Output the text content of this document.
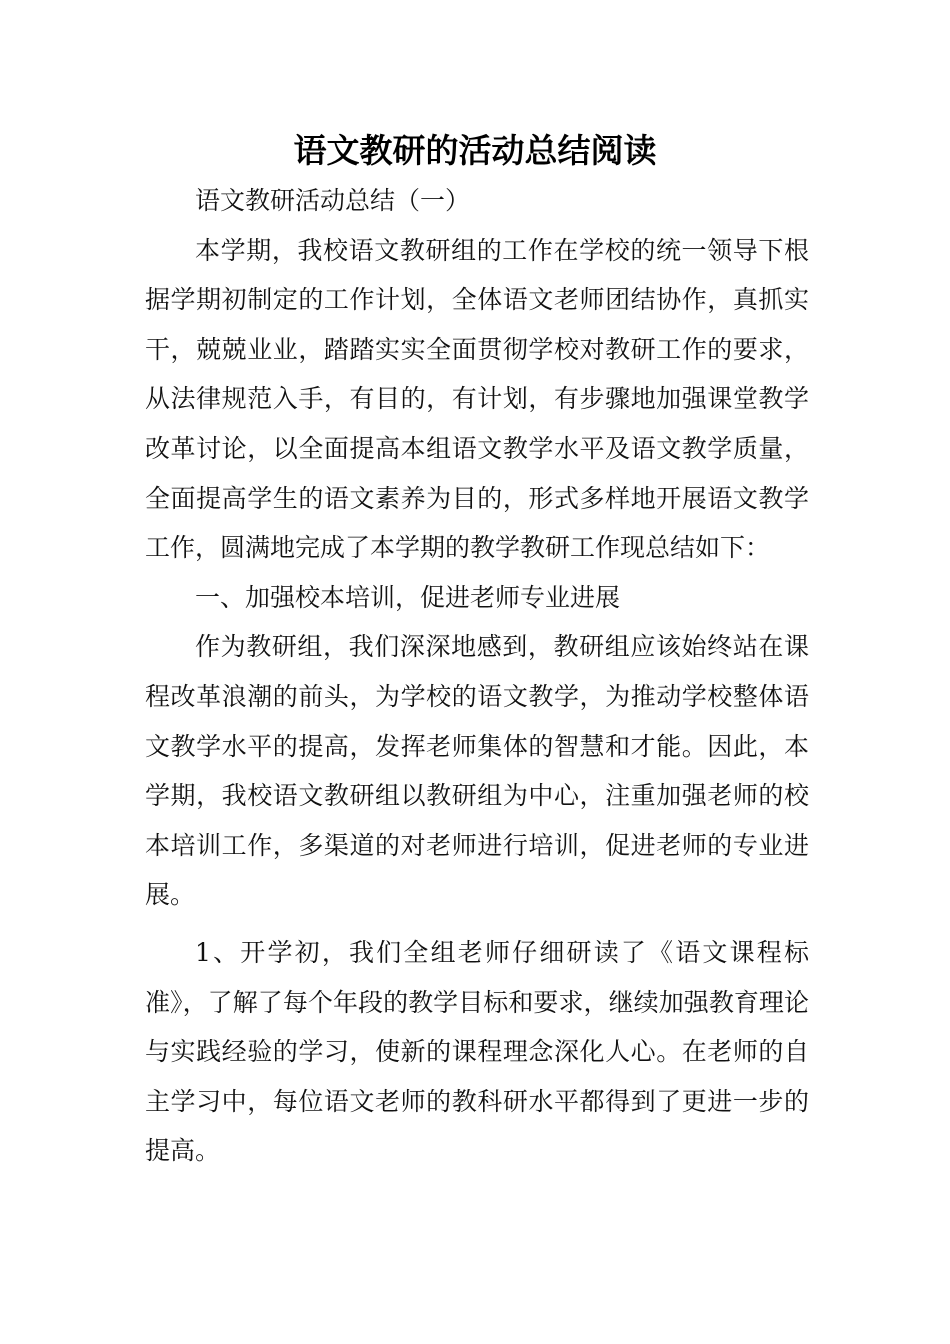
语文教研的活动总结阅读

语文教研活动总结（一）

本学期，我校语文教研组的工作在学校的统一领导下根据学期初制定的工作计划，全体语文老师团结协作，真抓实干，兢兢业业，踏踏实实全面贯彻学校对教研工作的要求，从法律规范入手，有目的，有计划，有步骤地加强课堂教学改革讨论，以全面提高本组语文教学水平及语文教学质量，全面提高学生的语文素养为目的，形式多样地开展语文教学工作，圆满地完成了本学期的教学教研工作现总结如下：

一、加强校本培训，促进老师专业进展

作为教研组，我们深深地感到，教研组应该始终站在课程改革浪潮的前头，为学校的语文教学，为推动学校整体语文教学水平的提高，发挥老师集体的智慧和才能。因此，本学期，我校语文教研组以教研组为中心，注重加强老师的校本培训工作，多渠道的对老师进行培训，促进老师的专业进展。

1、开学初，我们全组老师仔细研读了《语文课程标准》，了解了每个年段的教学目标和要求，继续加强教育理论与实践经验的学习，使新的课程理念深化人心。在老师的自主学习中，每位语文老师的教科研水平都得到了更进一步的提高。
